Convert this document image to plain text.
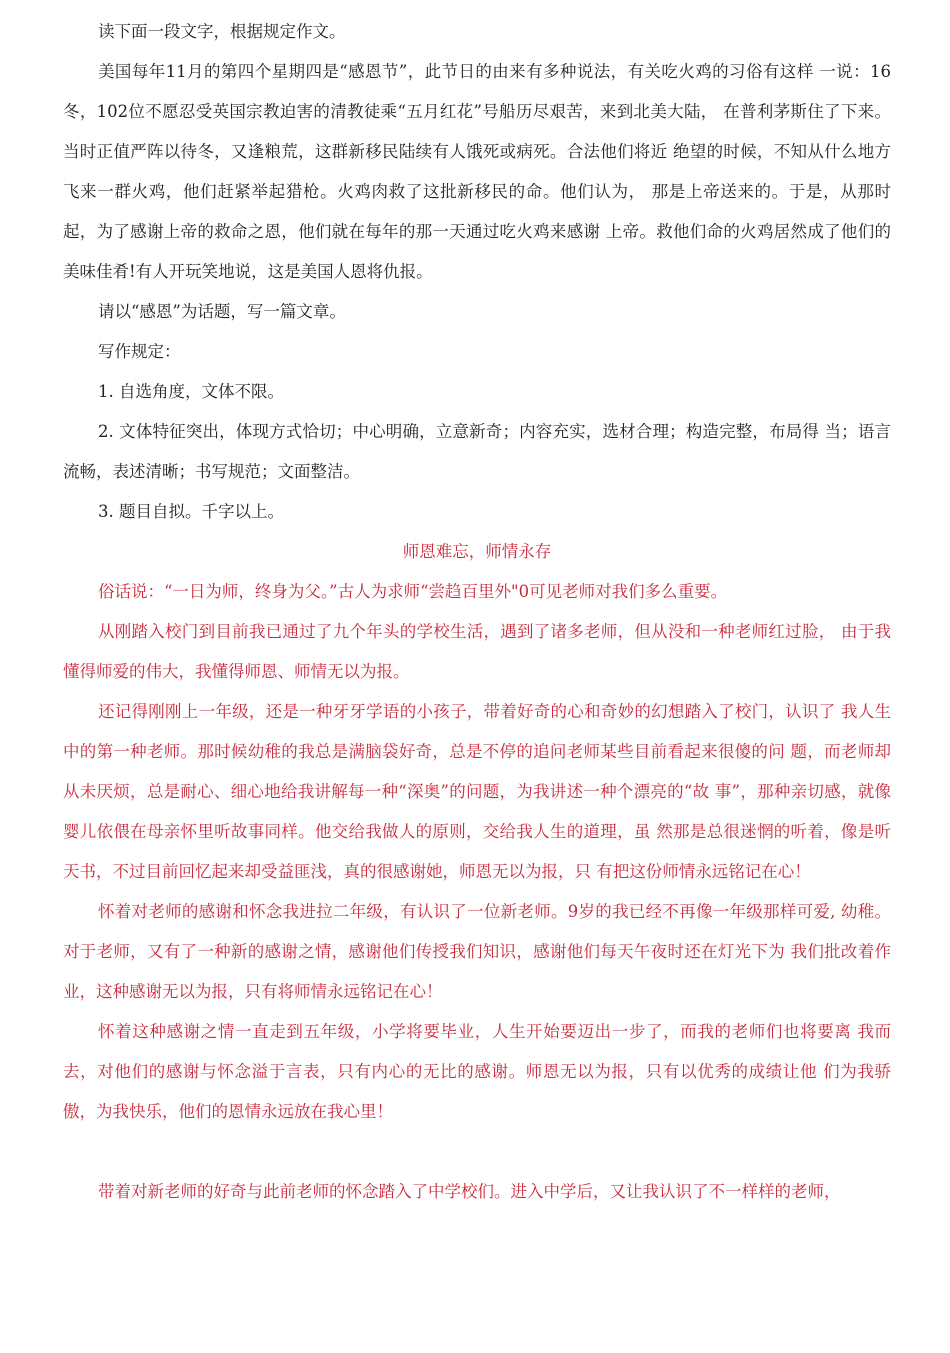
读下面一段文字，根据规定作文。

美国每年11月的第四个星期四是“感恩节”，此节日的由来有多种说法，有关吃火鸡的习俗有这样 一说：16冬，102位不愿忍受英国宗教迫害的清教徒乘“五月红花”号船历尽艰苦，来到北美大陆， 在普利茅斯住了下来。当时正值严阵以待冬，又逢粮荒，这群新移民陆续有人饿死或病死。合法他们将近 绝望的时候，不知从什么地方飞来一群火鸡，他们赶紧举起猎枪。火鸡肉救了这批新移民的命。他们认为， 那是上帝送来的。于是，从那时起，为了感谢上帝的救命之恩，他们就在每年的那一天通过吃火鸡来感谢 上帝。救他们命的火鸡居然成了他们的美味佳肴!有人开玩笑地说，这是美国人恩将仇报。

请以“感恩”为话题，写一篇文章。

写作规定：

1. 自选角度，文体不限。

2. 文体特征突出，体现方式恰切；中心明确，立意新奇；内容充实，选材合理；构造完整，布局得 当；语言流畅，表述清晰；书写规范；文面整洁。

3. 题目自拟。千字以上。

师恩难忘，师情永存

俗话说：“一日为师，终身为父。”古人为求师“尝趋百里外"0可见老师对我们多么重要。

从刚踏入校门到目前我已通过了九个年头的学校生活，遇到了诸多老师，但从没和一种老师红过脸， 由于我懂得师爱的伟大，我懂得师恩、师情无以为报。

还记得刚刚上一年级，还是一种牙牙学语的小孩子，带着好奇的心和奇妙的幻想踏入了校门，认识了 我人生中的第一种老师。那时候幼稚的我总是满脑袋好奇，总是不停的追问老师某些目前看起来很傻的问 题，而老师却从未厌烦，总是耐心、细心地给我讲解每一种“深奥”的问题，为我讲述一种个漂亮的“故 事”，那种亲切感，就像婴儿依偎在母亲怀里听故事同样。他交给我做人的原则，交给我人生的道理，虽 然那是总很迷惘的听着，像是听天书，不过目前回忆起来却受益匪浅，真的很感谢她，师恩无以为报，只 有把这份师情永远铭记在心！

怀着对老师的感谢和怀念我进拉二年级，有认识了一位新老师。9岁的我已经不再像一年级那样可爱, 幼稚。对于老师，又有了一种新的感谢之情，感谢他们传授我们知识，感谢他们每天午夜时还在灯光下为 我们批改着作业，这种感谢无以为报，只有将师情永远铭记在心！

怀着这种感谢之情一直走到五年级，小学将要毕业，人生开始要迈出一步了，而我的老师们也将要离 我而去，对他们的感谢与怀念溢于言表，只有内心的无比的感谢。师恩无以为报，只有以优秀的成绩让他 们为我骄傲，为我快乐，他们的恩情永远放在我心里！

带着对新老师的好奇与此前老师的怀念踏入了中学校们。进入中学后，又让我认识了不一样样的老师，
